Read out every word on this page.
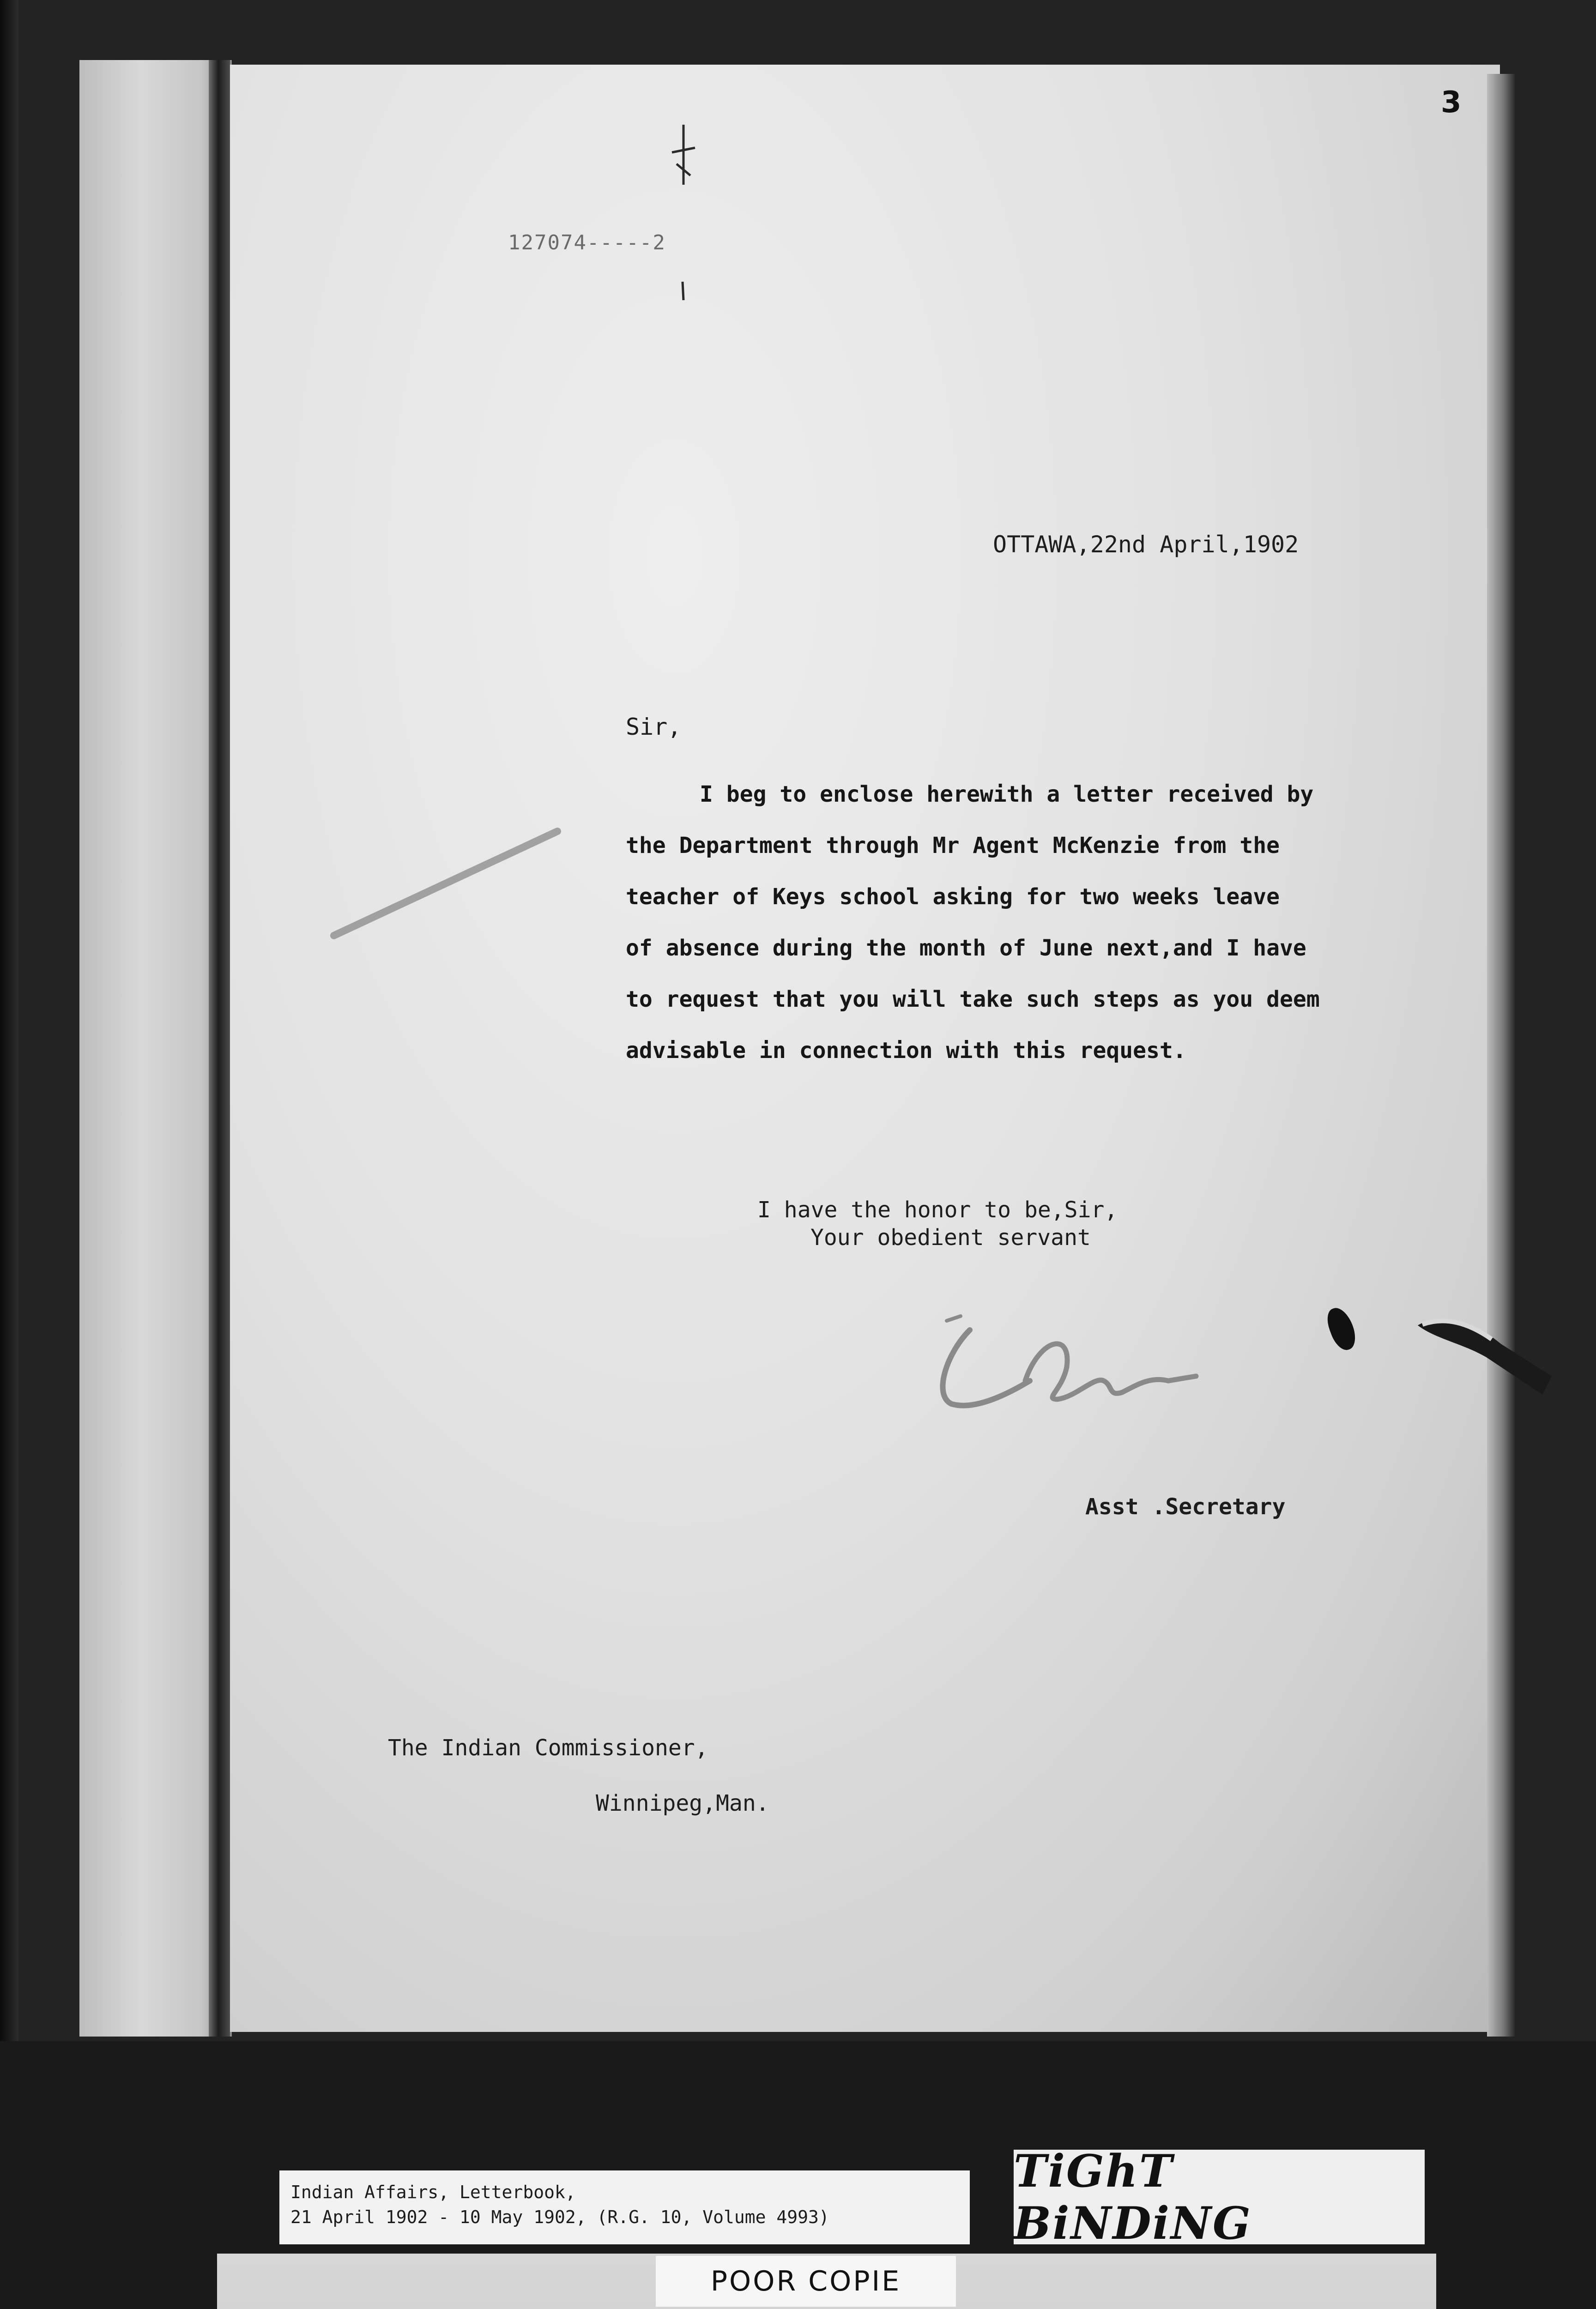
3
127074-----2
OTTAWA,22nd April,1902
Sir,
I beg to enclose herewith a letter received by
the Department through Mr Agent McKenzie from the
teacher of Keys school asking for two weeks leave
of absence during the month of June next,and I have
to request that you will take such steps as you deem
advisable in connection with this request.
I have the honor to be,Sir,
Your obedient servant
Asst .Secretary
The Indian Commissioner,
Winnipeg,Man.
Indian Affairs, Letterbook,
21 April 1902 - 10 May 1902, (R.G. 10, Volume 4993)
TiGhT BiNDiNG
POOR COPIE
